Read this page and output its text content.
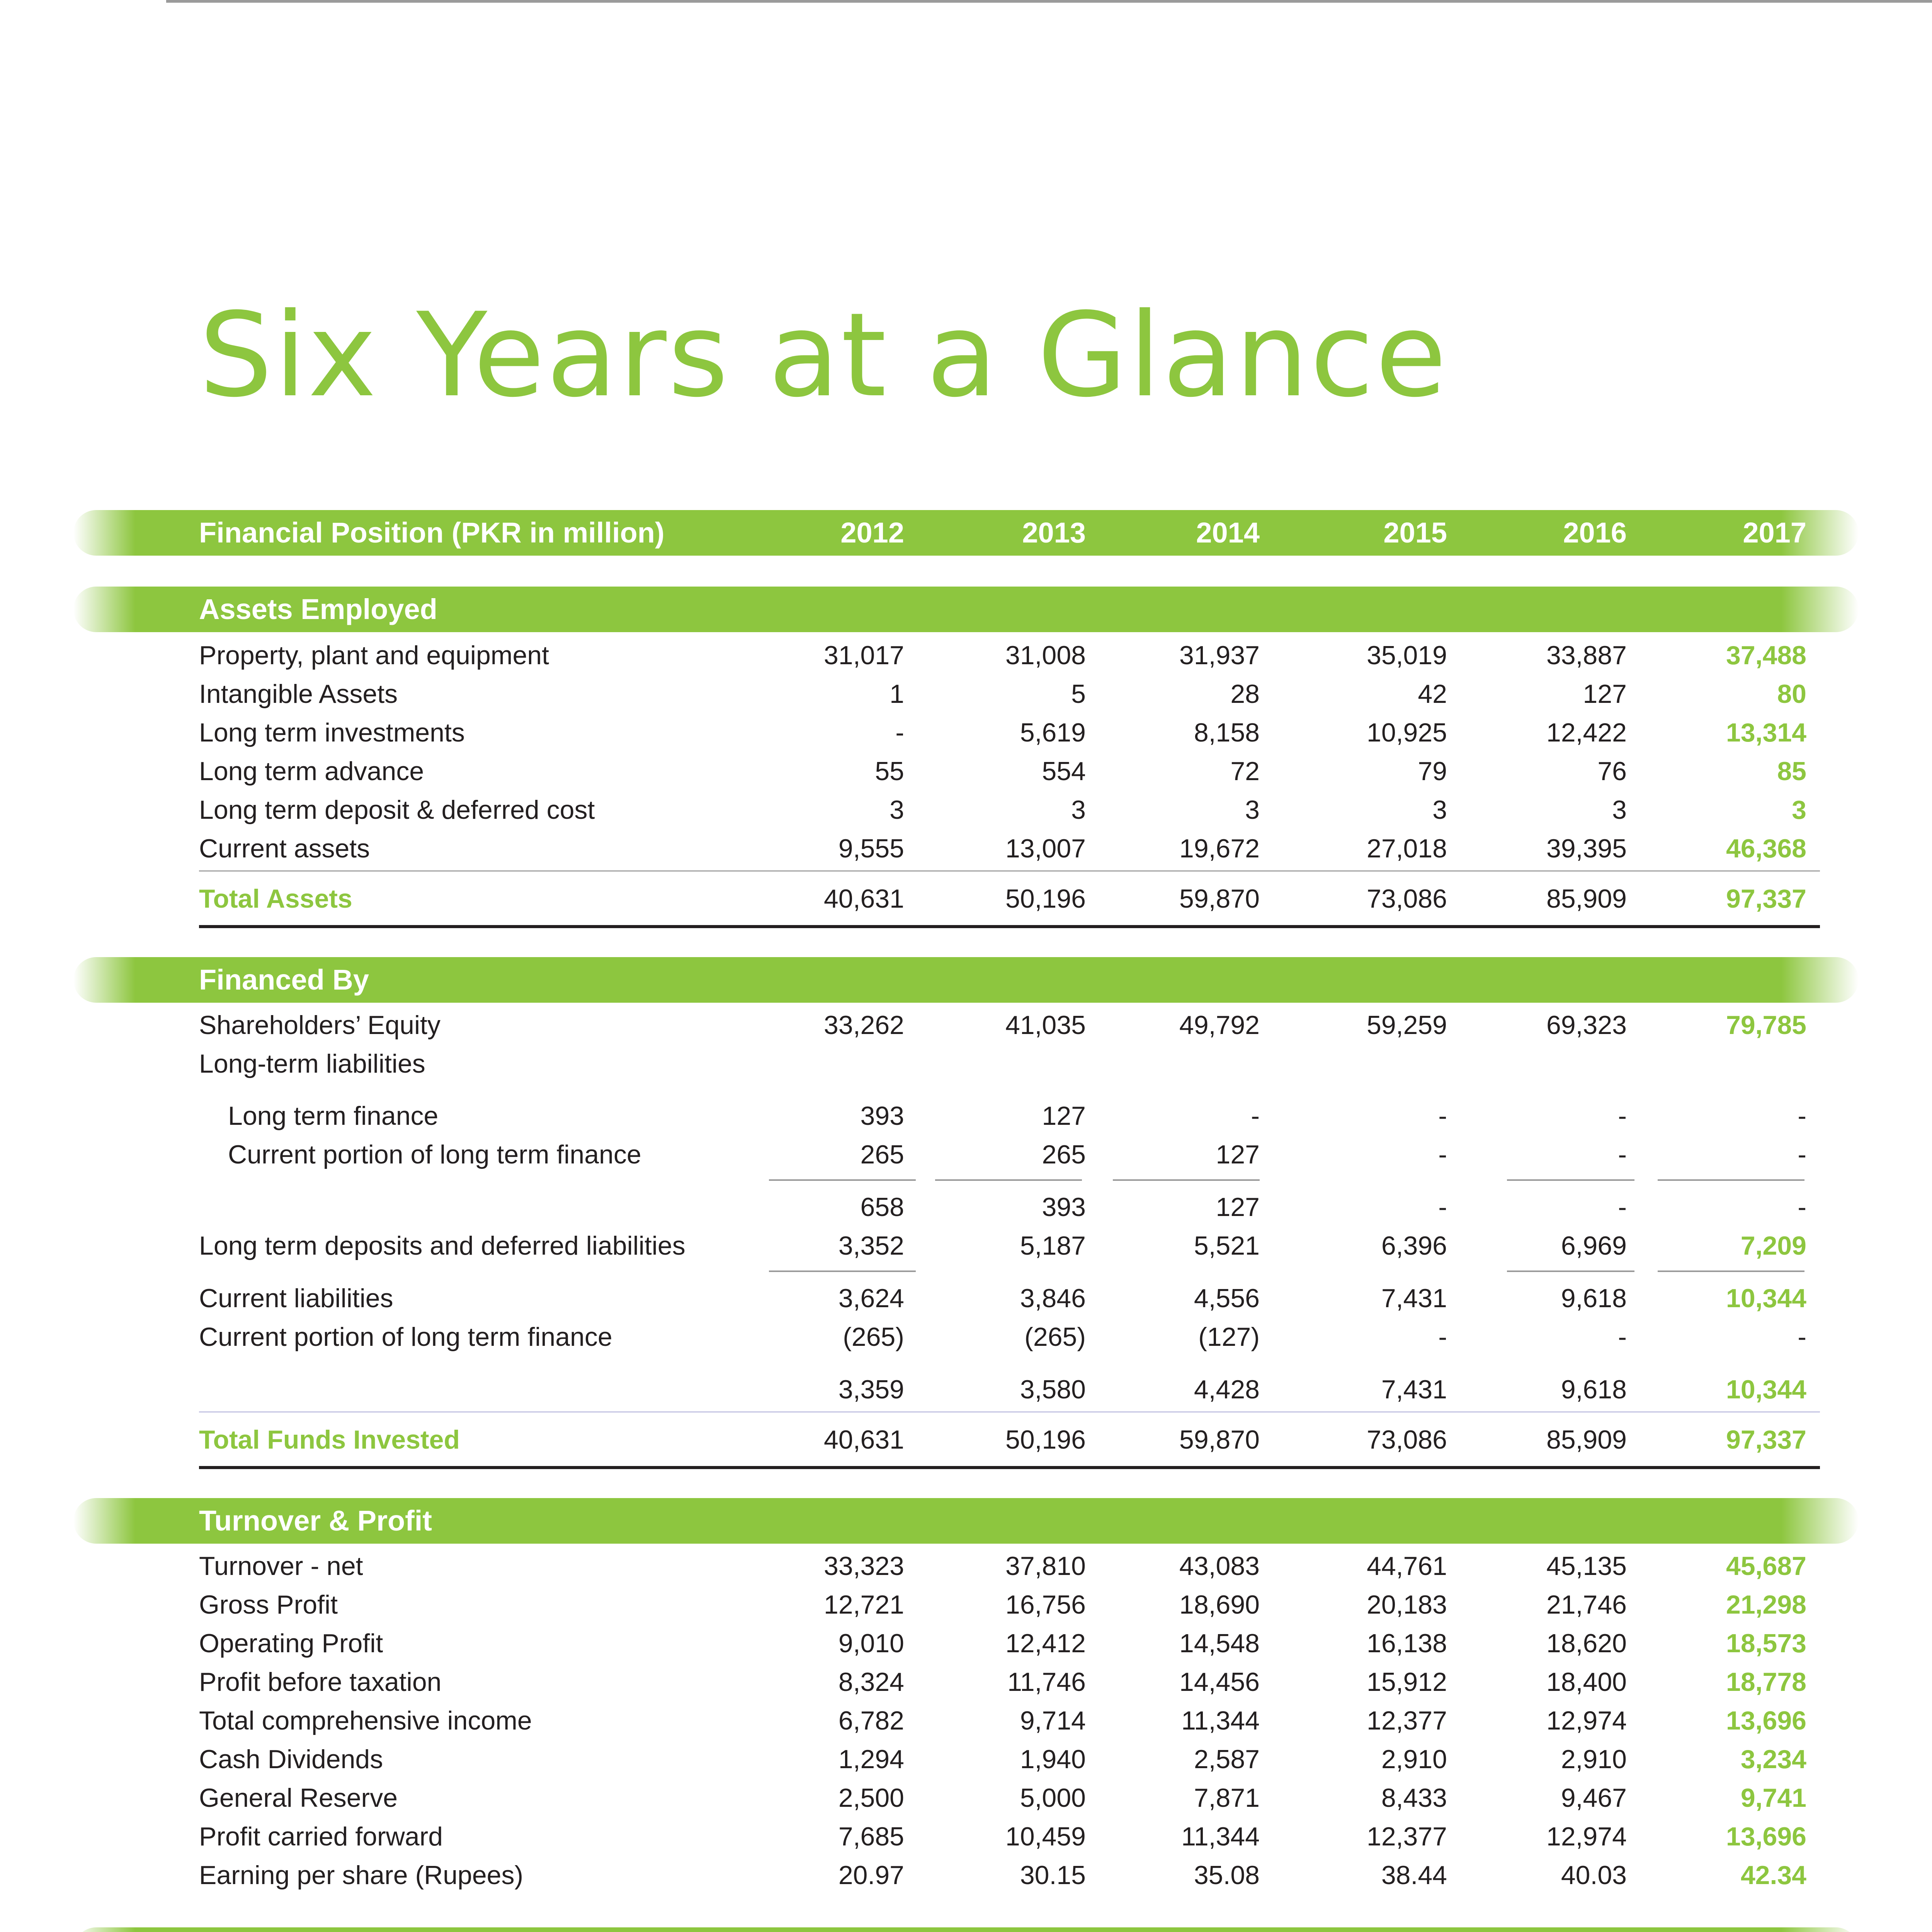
Six Years at a Glance
Financial Position (PKR in million)	2012	2013	2014	2015	2016	2017
Assets Employed
Property, plant and equipment	31,017	31,008	31,937	35,019	33,887	37,488
Intangible Assets	1	5	28	42	127	80
Long term investments	-	5,619	8,158	10,925	12,422	13,314
Long term advance	55	554	72	79	76	85
Long term deposit & deferred cost	3	3	3	3	3	3
Current assets	9,555	13,007	19,672	27,018	39,395	46,368
Total Assets	40,631	50,196	59,870	73,086	85,909	97,337
Financed By
Shareholders’ Equity	33,262	41,035	49,792	59,259	69,323	79,785
Long-term liabilities
Long term finance	393	127	-	-	-	-
Current portion of long term finance	265	265	127	-	-	-
658	393	127	-	-	-
Long term deposits and deferred liabilities	3,352	5,187	5,521	6,396	6,969	7,209
Current liabilities	3,624	3,846	4,556	7,431	9,618	10,344
Current portion of long term finance	(265)	(265)	(127)	-	-	-
3,359	3,580	4,428	7,431	9,618	10,344
Total Funds Invested	40,631	50,196	59,870	73,086	85,909	97,337
Turnover & Profit
Turnover - net	33,323	37,810	43,083	44,761	45,135	45,687
Gross Profit	12,721	16,756	18,690	20,183	21,746	21,298
Operating Profit	9,010	12,412	14,548	16,138	18,620	18,573
Profit before taxation	8,324	11,746	14,456	15,912	18,400	18,778
Total comprehensive income	6,782	9,714	11,344	12,377	12,974	13,696
Cash Dividends	1,294	1,940	2,587	2,910	2,910	3,234
General Reserve	2,500	5,000	7,871	8,433	9,467	9,741
Profit carried forward	7,685	10,459	11,344	12,377	12,974	13,696
Earning per share (Rupees)	20.97	30.15	35.08	38.44	40.03	42.34
